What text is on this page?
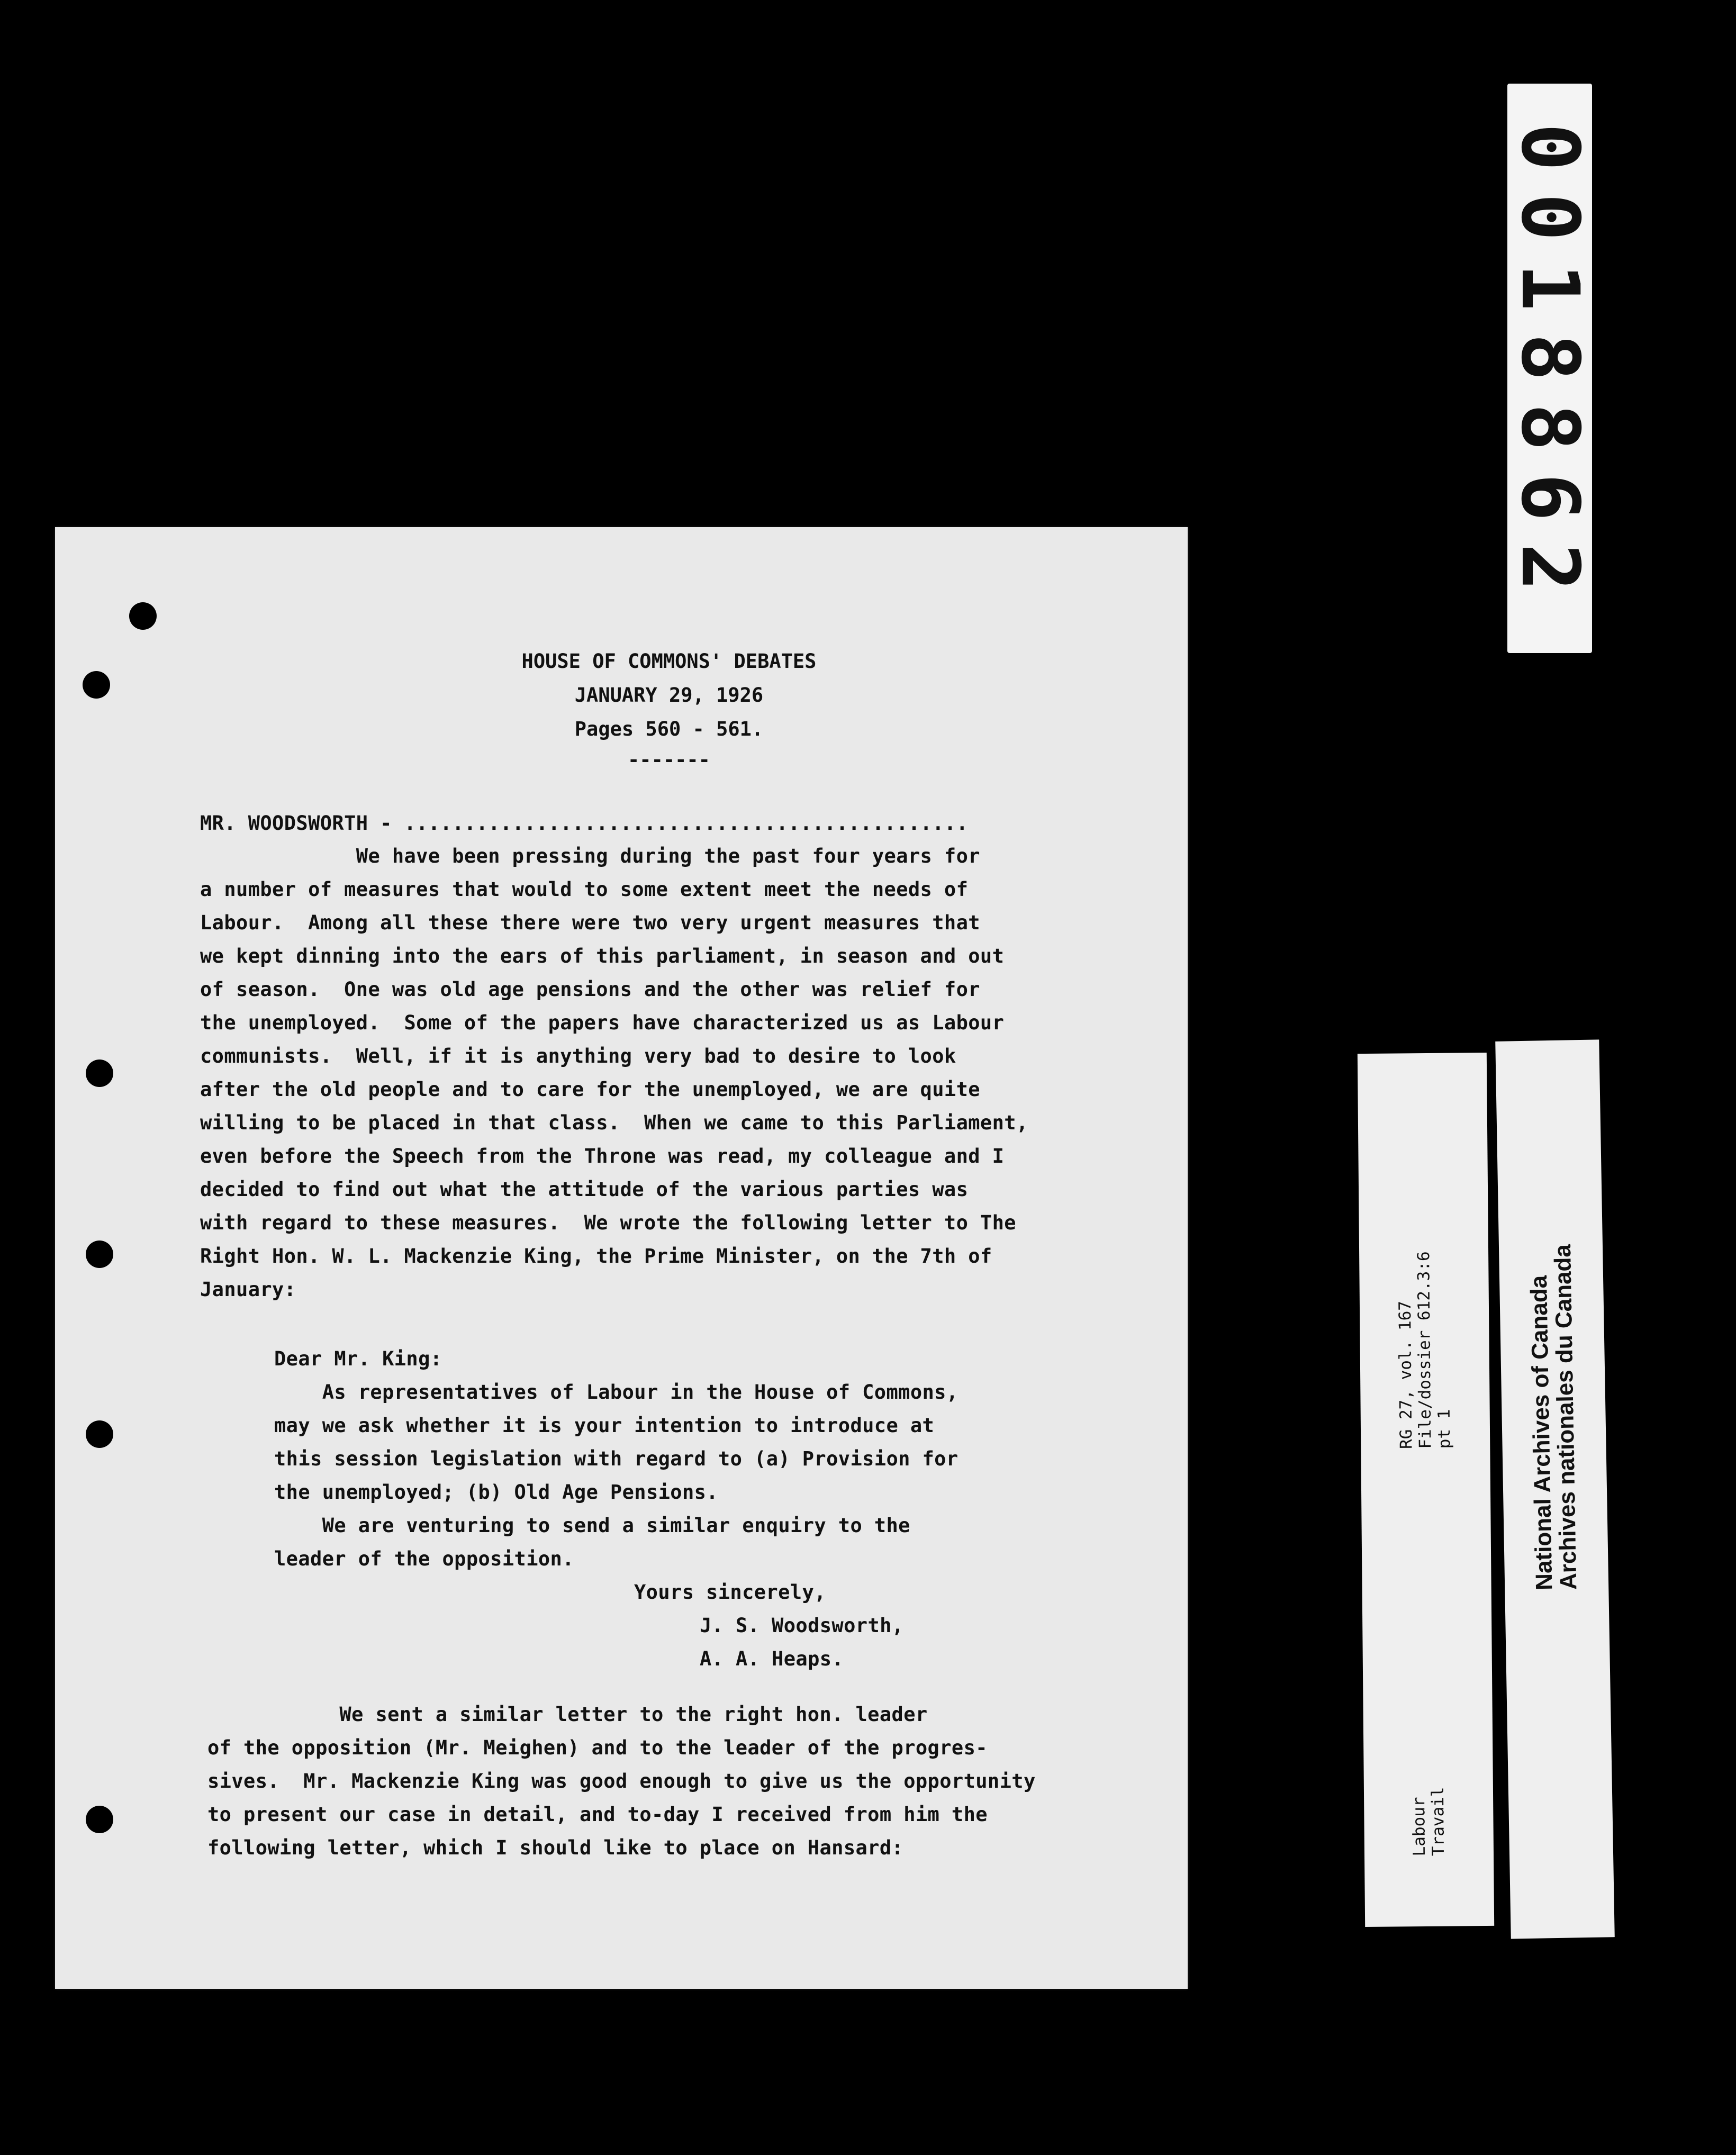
HOUSE OF COMMONS' DEBATES

JANUARY 29, 1926

Pages 560 - 561.

-------

MR. WOODSWORTH - ...............................................

We have been pressing during the past four years for

a number of measures that would to some extent meet the needs of

Labour.  Among all these there were two very urgent measures that

we kept dinning into the ears of this parliament, in season and out

of season.  One was old age pensions and the other was relief for

the unemployed.  Some of the papers have characterized us as Labour

communists.  Well, if it is anything very bad to desire to look

after the old people and to care for the unemployed, we are quite

willing to be placed in that class.  When we came to this Parliament,

even before the Speech from the Throne was read, my colleague and I

decided to find out what the attitude of the various parties was

with regard to these measures.  We wrote the following letter to The

Right Hon. W. L. Mackenzie King, the Prime Minister, on the 7th of

January:

Dear Mr. King:

As representatives of Labour in the House of Commons,

may we ask whether it is your intention to introduce at

this session legislation with regard to (a) Provision for

the unemployed; (b) Old Age Pensions.

We are venturing to send a similar enquiry to the

leader of the opposition.

Yours sincerely,

J. S. Woodsworth,

A. A. Heaps.

We sent a similar letter to the right hon. leader

of the opposition (Mr. Meighen) and to the leader of the progres-

sives.  Mr. Mackenzie King was good enough to give us the opportunity

to present our case in detail, and to-day I received from him the

following letter, which I should like to place on Hansard:

0018862
RG 27, vol. 167
File/dossier 612.3:6
pt 1
Labour
Travail
National Archives of Canada
Archives nationales du Canada
